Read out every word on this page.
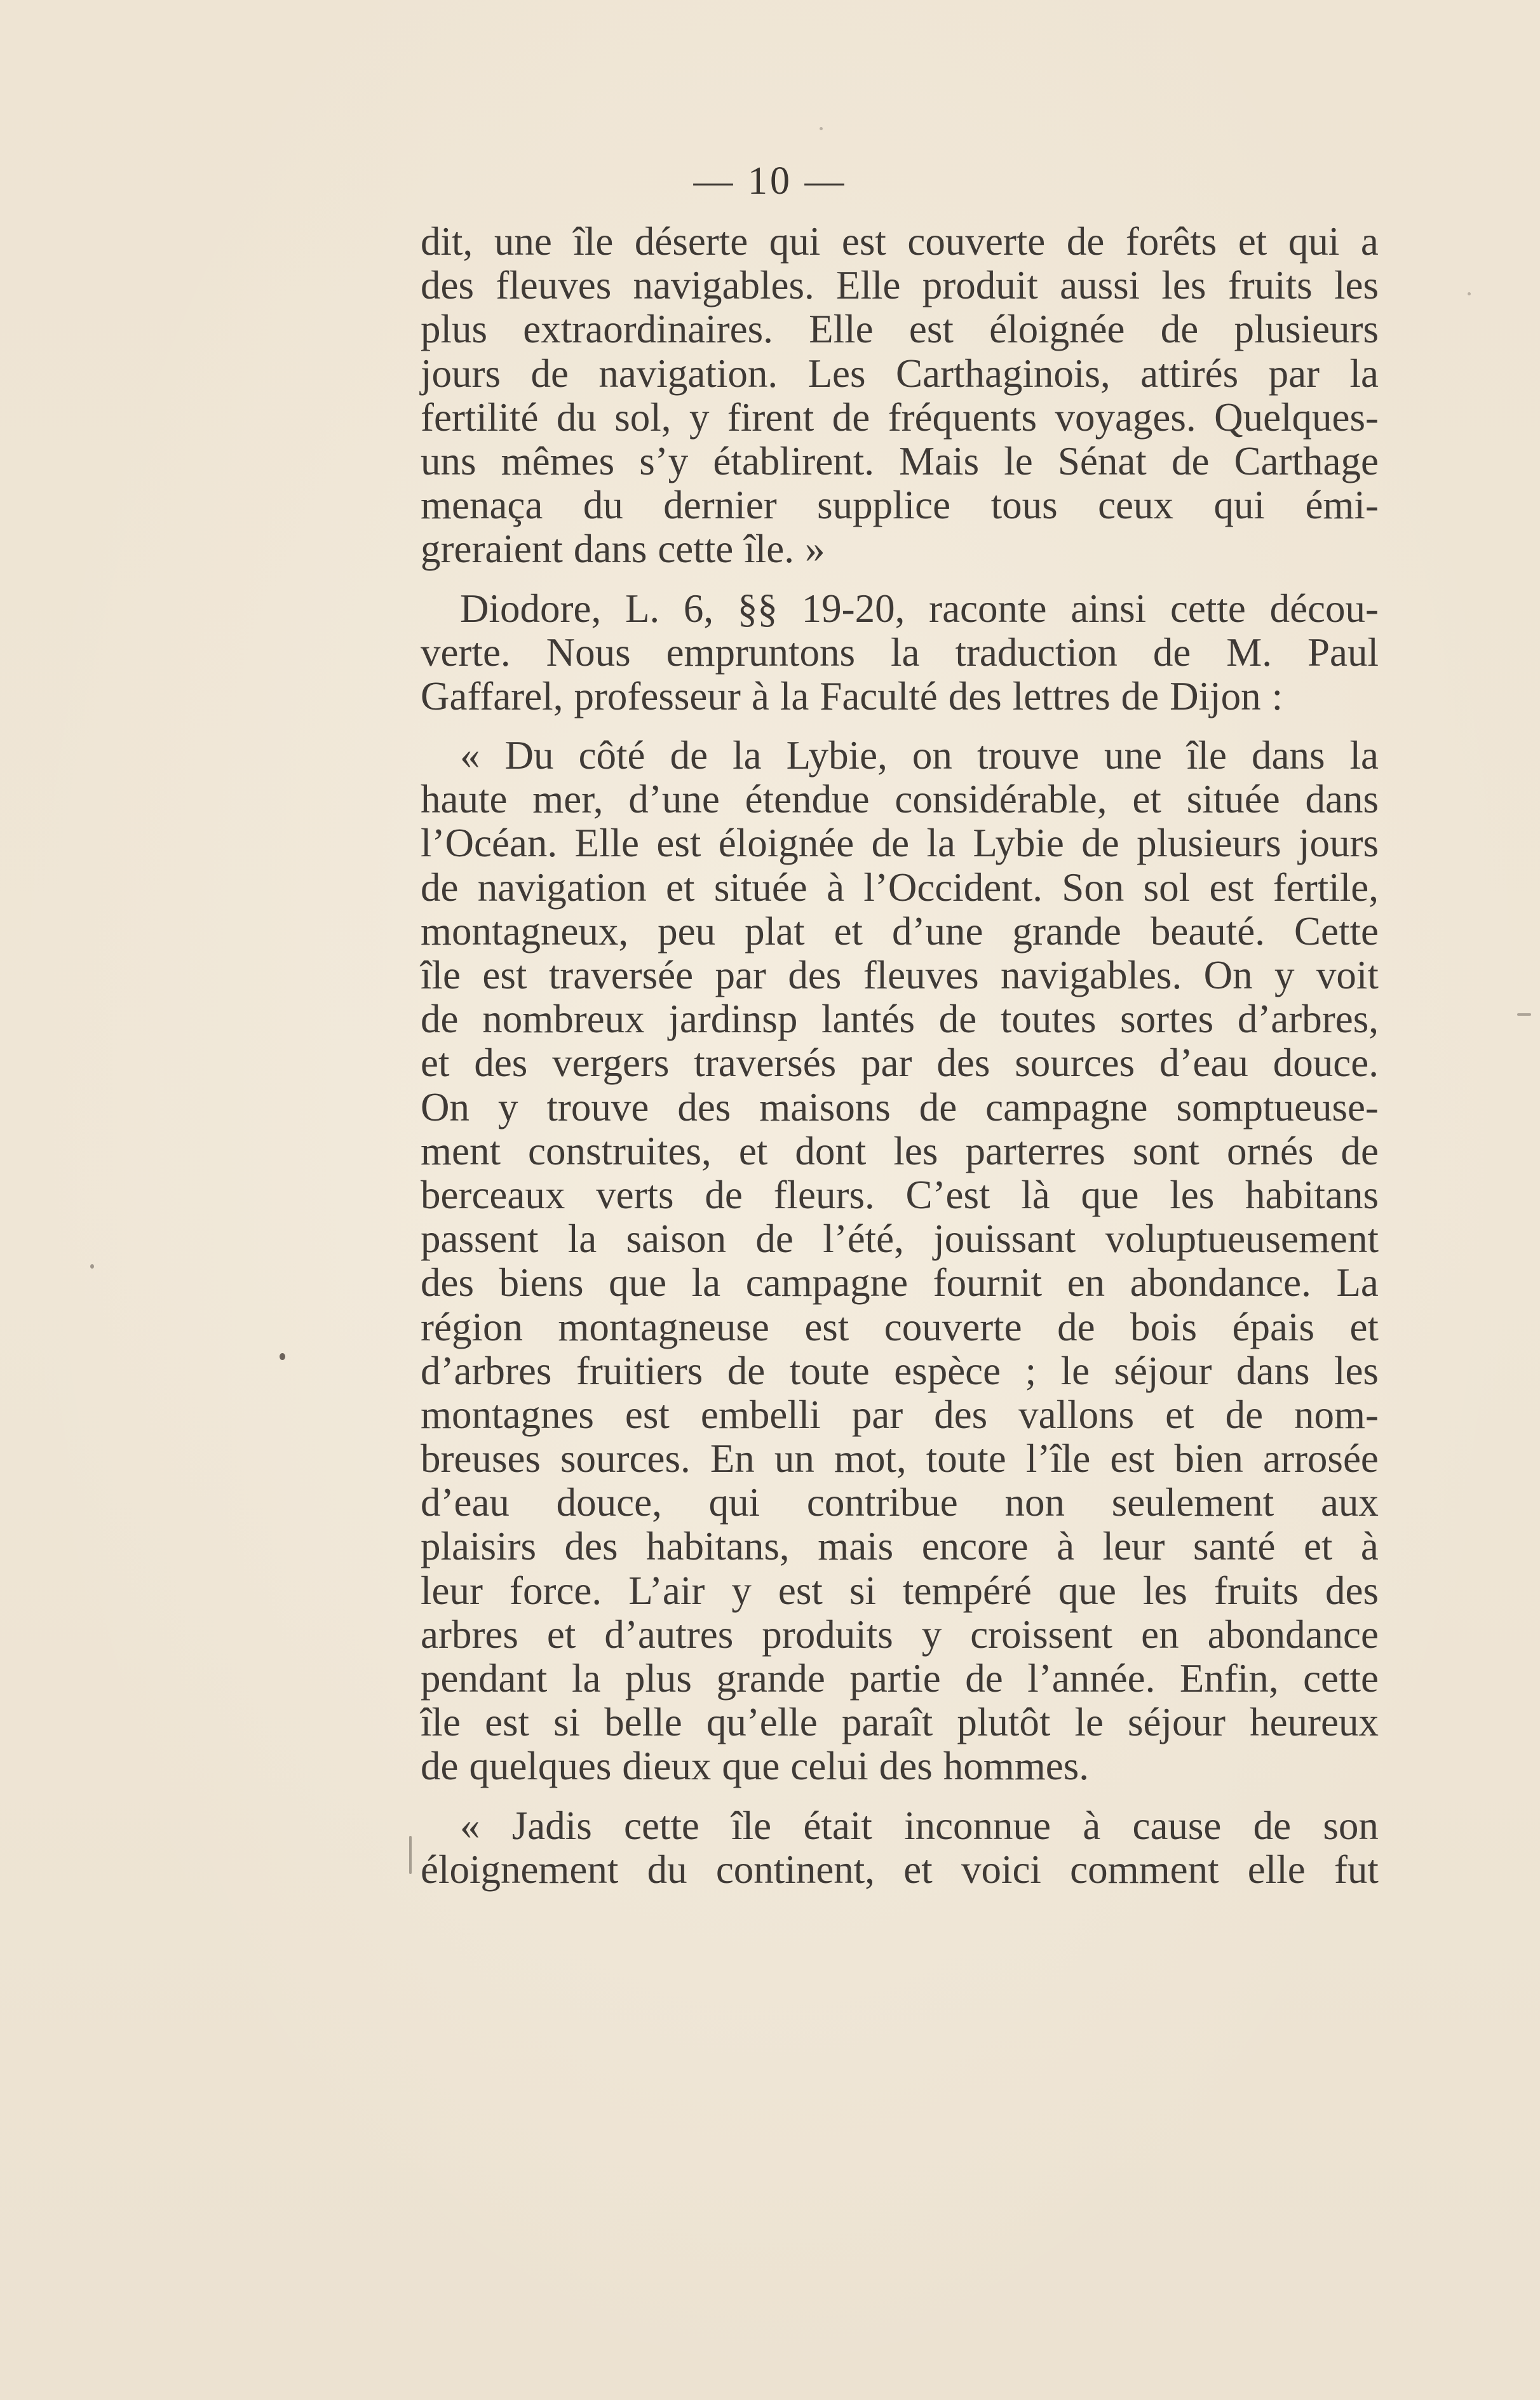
— 10 —
dit, une île déserte qui est couverte de forêts et qui a
des fleuves navigables. Elle produit aussi les fruits les
plus extraordinaires. Elle est éloignée de plusieurs
jours de navigation. Les Carthaginois, attirés par la
fertilité du sol, y firent de fréquents voyages. Quelques-
uns mêmes s’y établirent. Mais le Sénat de Carthage
menaça du dernier supplice tous ceux qui émi-
greraient dans cette île. »
Diodore, L. 6, §§ 19-20, raconte ainsi cette décou-
verte. Nous empruntons la traduction de M. Paul
Gaffarel, professeur à la Faculté des lettres de Dijon :
« Du côté de la Lybie, on trouve une île dans la
haute mer, d’une étendue considérable, et située dans
l’Océan. Elle est éloignée de la Lybie de plusieurs jours
de navigation et située à l’Occident. Son sol est fertile,
montagneux, peu plat et d’une grande beauté. Cette
île est traversée par des fleuves navigables. On y voit
de nombreux jardinsp lantés de toutes sortes d’arbres,
et des vergers traversés par des sources d’eau douce.
On y trouve des maisons de campagne somptueuse-
ment construites, et dont les parterres sont ornés de
berceaux verts de fleurs. C’est là que les habitans
passent la saison de l’été, jouissant voluptueusement
des biens que la campagne fournit en abondance. La
région montagneuse est couverte de bois épais et
d’arbres fruitiers de toute espèce ; le séjour dans les
montagnes est embelli par des vallons et de nom-
breuses sources. En un mot, toute l’île est bien arrosée
d’eau douce, qui contribue non seulement aux
plaisirs des habitans, mais encore à leur santé et à
leur force. L’air y est si tempéré que les fruits des
arbres et d’autres produits y croissent en abondance
pendant la plus grande partie de l’année. Enfin, cette
île est si belle qu’elle paraît plutôt le séjour heureux
de quelques dieux que celui des hommes.
« Jadis cette île était inconnue à cause de son
éloignement du continent, et voici comment elle fut
